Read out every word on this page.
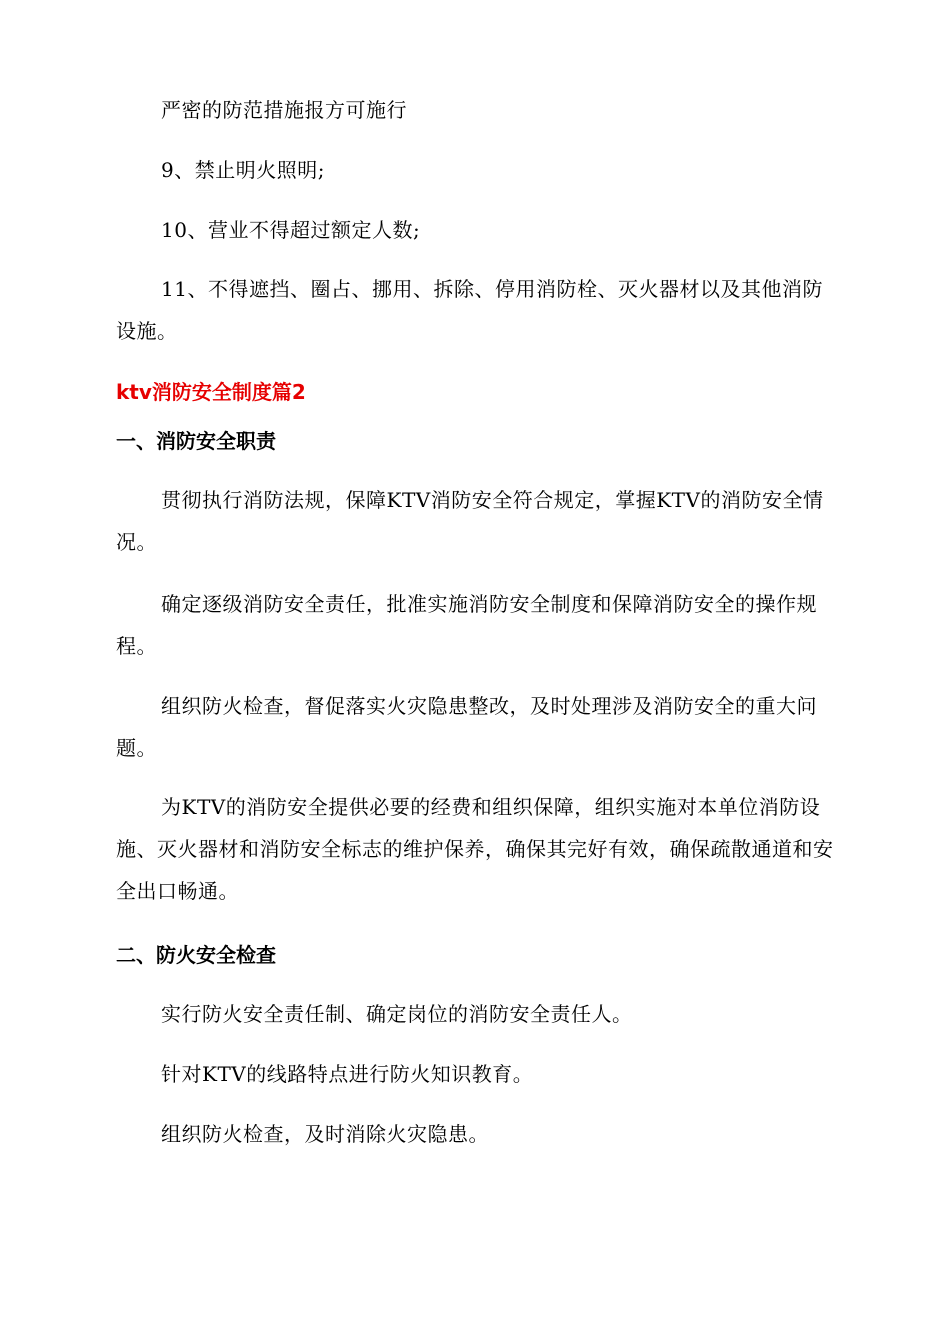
严密的防范措施报方可施行

9、禁止明火照明;

10、营业不得超过额定人数;

11、不得遮挡、圈占、挪用、拆除、停用消防栓、灭火器材以及其他消防设施。

ktv消防安全制度篇2
一、消防安全职责

贯彻执行消防法规，保障KTV消防安全符合规定，掌握KTV的消防安全情况。

确定逐级消防安全责任，批准实施消防安全制度和保障消防安全的操作规程。

组织防火检查，督促落实火灾隐患整改，及时处理涉及消防安全的重大问题。

为KTV的消防安全提供必要的经费和组织保障，组织实施对本单位消防设施、灭火器材和消防安全标志的维护保养，确保其完好有效，确保疏散通道和安全出口畅通。

二、防火安全检查

实行防火安全责任制、确定岗位的消防安全责任人。

针对KTV的线路特点进行防火知识教育。

组织防火检查，及时消除火灾隐患。
